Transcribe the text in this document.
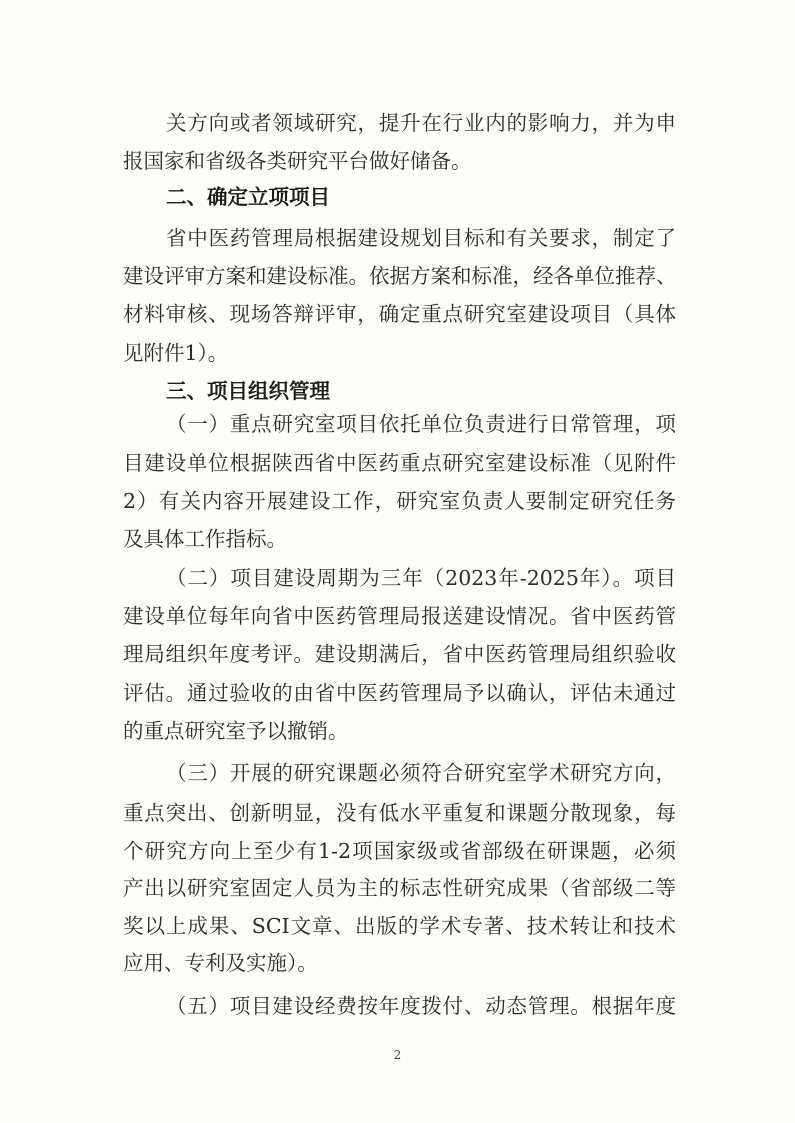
关方向或者领域研究，提升在行业内的影响力，并为申
报国家和省级各类研究平台做好储备。
二、确定立项项目
省中医药管理局根据建设规划目标和有关要求，制定了
建设评审方案和建设标准。依据方案和标准，经各单位推荐、
材料审核、现场答辩评审，确定重点研究室建设项目（具体
见附件1）。
三、项目组织管理
（一）重点研究室项目依托单位负责进行日常管理，项
目建设单位根据陕西省中医药重点研究室建设标准（见附件
2）有关内容开展建设工作，研究室负责人要制定研究任务
及具体工作指标。
（二）项目建设周期为三年（2023年-2025年）。项目
建设单位每年向省中医药管理局报送建设情况。省中医药管
理局组织年度考评。建设期满后，省中医药管理局组织验收
评估。通过验收的由省中医药管理局予以确认，评估未通过
的重点研究室予以撤销。
（三）开展的研究课题必须符合研究室学术研究方向，
重点突出、创新明显，没有低水平重复和课题分散现象，每
个研究方向上至少有1-2项国家级或省部级在研课题，必须
产出以研究室固定人员为主的标志性研究成果（省部级二等
奖以上成果、SCI文章、出版的学术专著、技术转让和技术
应用、专利及实施）。
（五）项目建设经费按年度拨付、动态管理。根据年度
2
